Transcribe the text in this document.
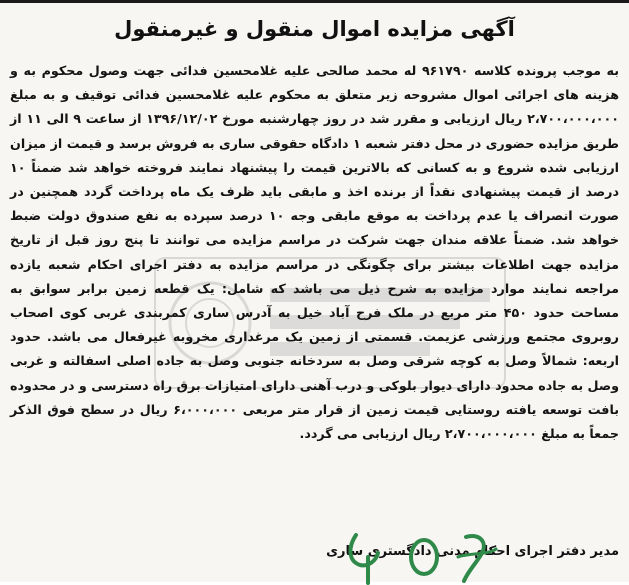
آگهی مزایده اموال منقول و غیرمنقول
به موجب پرونده کلاسه ۹۶۱۷۹۰ له محمد صالحی علیه غلامحسین فدائی جهت وصول محکوم به و هزینه های اجرائی اموال مشروحه زیر متعلق به محکوم علیه غلامحسین فدائی توقیف و به مبلغ ۲،۷۰۰،۰۰۰،۰۰۰ ریال ارزیابی و مقرر شد در روز چهارشنبه مورخ ۱۳۹۶/۱۲/۰۲ از ساعت ۹ الی ۱۱ از طریق مزایده حضوری در محل دفتر شعبه ۱ دادگاه حقوقی ساری به فروش برسد و قیمت از میزان ارزیابی شده شروع و به کسانی که بالاترین قیمت را پیشنهاد نمایند فروخته خواهد شد ضمناً ۱۰ درصد از قیمت پیشنهادی نقداً از برنده اخذ و مابقی باید ظرف یک ماه پرداخت گردد همچنین در صورت انصراف یا عدم پرداخت به موقع مابقی وجه ۱۰ درصد سپرده به نفع صندوق دولت ضبط خواهد شد. ضمناً علاقه مندان جهت شرکت در مراسم مزایده می توانند تا پنج روز قبل از تاریخ مزایده جهت اطلاعات بیشتر برای چگونگی در مراسم مزایده به دفتر اجرای احکام شعبه یازده مراجعه نمایند موارد مزایده به شرح ذیل می باشد که شامل: یک قطعه زمین برابر سوابق به مساحت حدود ۴۵۰ متر مربع در ملک فرح آباد خیل به آدرس ساری کمربندی غربی کوی اصحاب روبروی مجتمع ورزشی عزیمت. قسمتی از زمین یک مرغداری مخروبه غیرفعال می باشد. حدود اربعه: شمالاً وصل به کوچه شرقی وصل به سردخانه جنوبی وصل به جاده اصلی اسفالته و غربی وصل به جاده محدود دارای دیوار بلوکی و درب آهنی دارای امتیازات برق راه دسترسی و در محدوده بافت توسعه یافته روستایی قیمت زمین از قرار متر مربعی ۶،۰۰۰،۰۰۰ ریال در سطح فوق الذکر جمعاً به مبلغ ۲،۷۰۰،۰۰۰،۰۰۰ ریال ارزیابی می گردد.
مدیر دفتر اجرای احکام مدنی دادگستری ساری
